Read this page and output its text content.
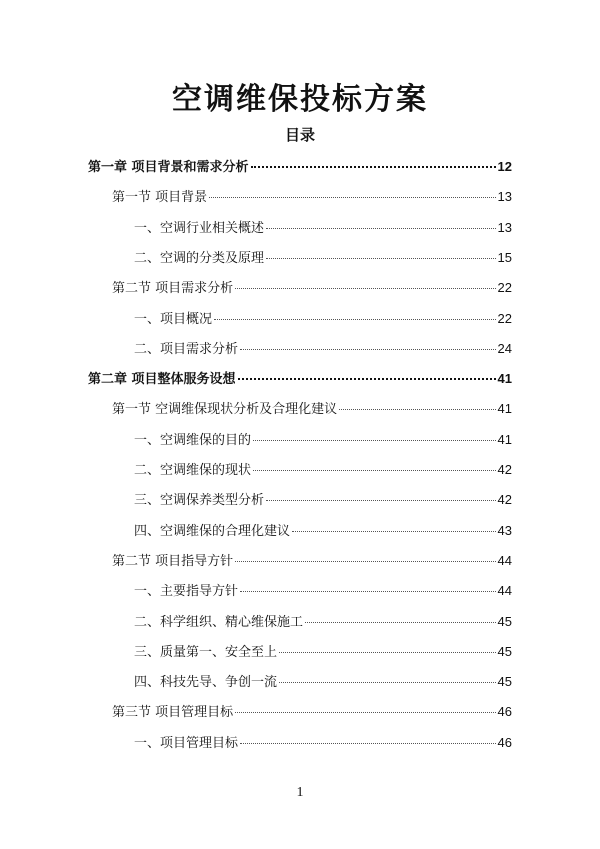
空调维保投标方案
目录
第一章 项目背景和需求分析	12
第一节 项目背景	13
一、空调行业相关概述	13
二、空调的分类及原理	15
第二节 项目需求分析	22
一、项目概况	22
二、项目需求分析	24
第二章 项目整体服务设想	41
第一节 空调维保现状分析及合理化建议	41
一、空调维保的目的	41
二、空调维保的现状	42
三、空调保养类型分析	42
四、空调维保的合理化建议	43
第二节 项目指导方针	44
一、主要指导方针	44
二、科学组织、精心维保施工	45
三、质量第一、安全至上	45
四、科技先导、争创一流	45
第三节 项目管理目标	46
一、项目管理目标	46
1
